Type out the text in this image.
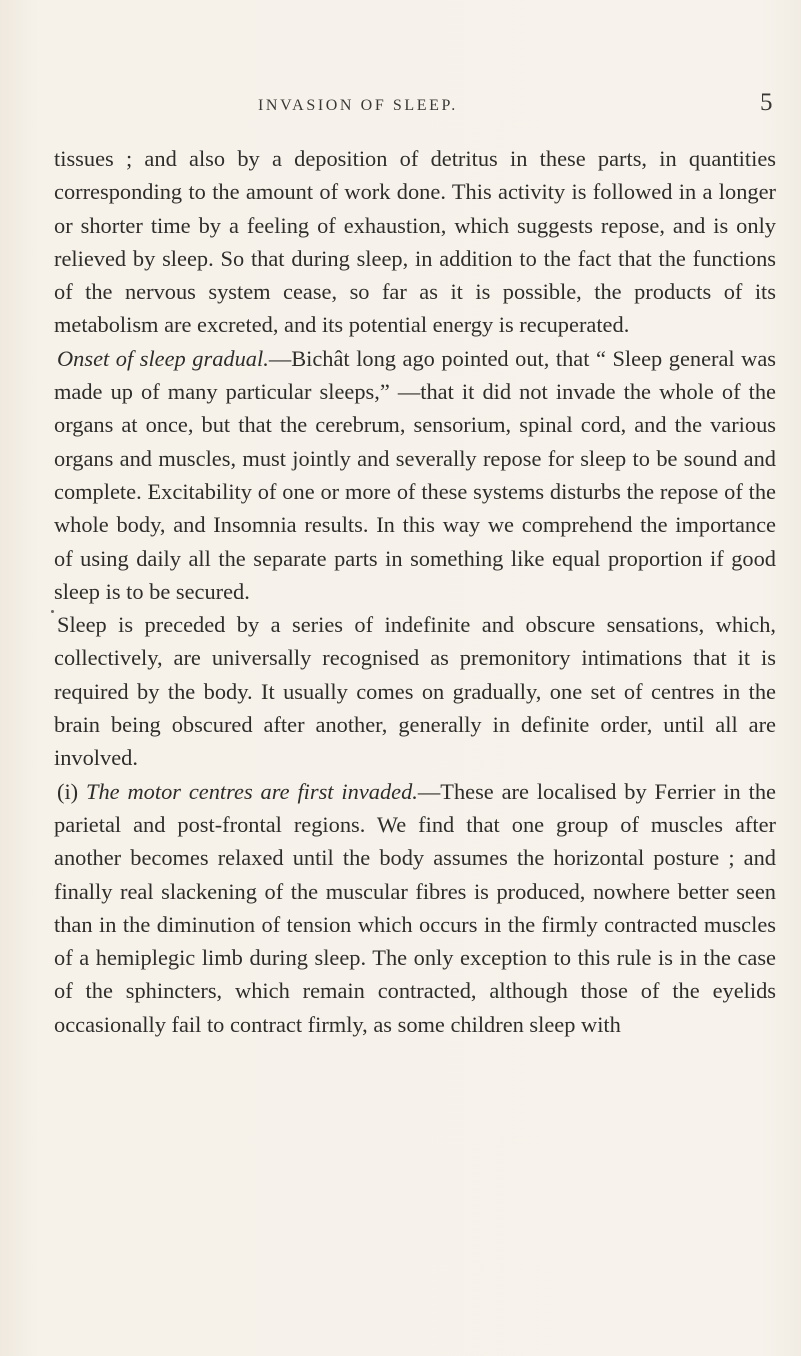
INVASION OF SLEEP.	5

tissues ; and also by a deposition of detritus in these parts, in quantities corresponding to the amount of work done. This activity is followed in a longer or shorter time by a feeling of exhaustion, which suggests repose, and is only relieved by sleep. So that during sleep, in addition to the fact that the functions of the nervous system cease, so far as it is possible, the products of its metabolism are excreted, and its potential energy is recuperated.

Onset of sleep gradual.—Bichât long ago pointed out, that “ Sleep general was made up of many particular sleeps,” —that it did not invade the whole of the organs at once, but that the cerebrum, sensorium, spinal cord, and the various organs and muscles, must jointly and severally repose for sleep to be sound and complete. Excitability of one or more of these systems disturbs the repose of the whole body, and Insomnia results. In this way we comprehend the importance of using daily all the separate parts in something like equal proportion if good sleep is to be secured.

Sleep is preceded by a series of indefinite and obscure sensations, which, collectively, are universally recognised as premonitory intimations that it is required by the body. It usually comes on gradually, one set of centres in the brain being obscured after another, generally in definite order, until all are involved.

(i) The motor centres are first invaded.—These are localised by Ferrier in the parietal and post-frontal regions. We find that one group of muscles after another becomes relaxed until the body assumes the horizontal posture ; and finally real slackening of the muscular fibres is produced, nowhere better seen than in the diminution of tension which occurs in the firmly contracted muscles of a hemiplegic limb during sleep. The only exception to this rule is in the case of the sphincters, which remain contracted, although those of the eyelids occasionally fail to contract firmly, as some children sleep with
